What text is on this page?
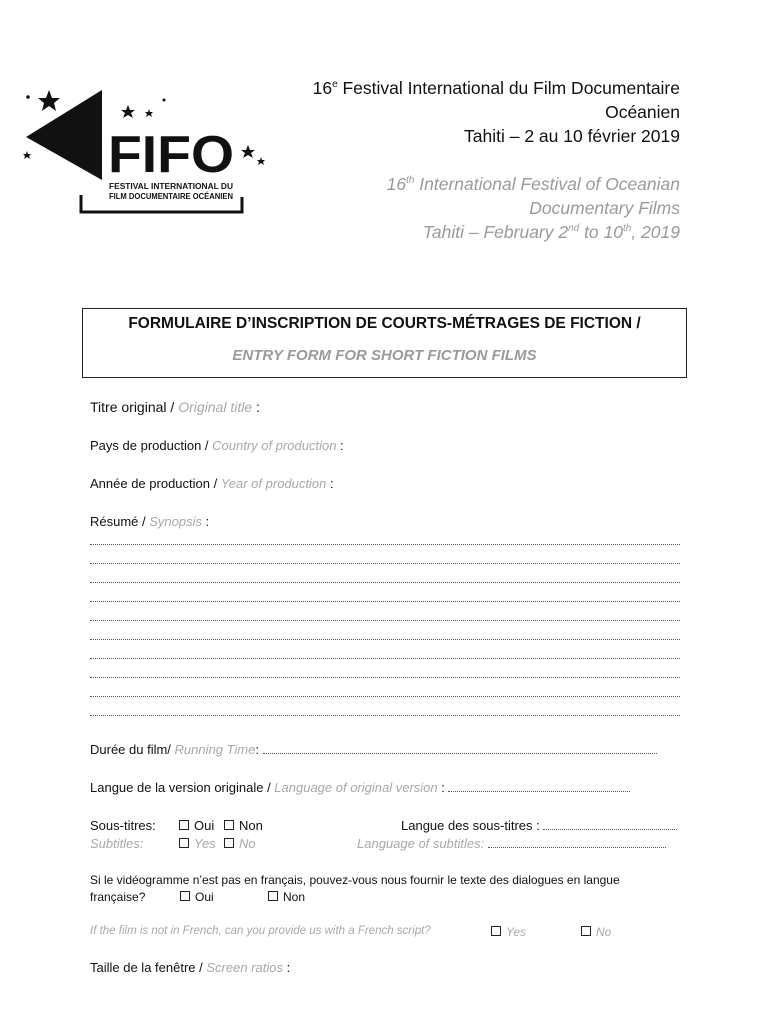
FIFO
FESTIVAL INTERNATIONAL DU
FILM DOCUMENTAIRE OCÉANIEN
16e Festival International du Film Documentaire
Océanien
Tahiti – 2 au 10 février 2019
16th International Festival of Oceanian
Documentary Films
Tahiti – February 2nd to 10th, 2019
FORMULAIRE D’INSCRIPTION DE COURTS-MÉTRAGES DE FICTION /
ENTRY FORM FOR SHORT FICTION FILMS
Titre original / Original title :
Pays de production / Country of production :
Année de production / Year of production :
Résumé / Synopsis :
Durée du film/ Running Time:
Langue de la version originale / Language of original version :
Sous-titres:	Oui	Non	Langue des sous-titres :
Subtitles:	Yes	No	Language of subtitles:
Si le vidéogramme n’est pas en français, pouvez-vous nous fournir le texte des dialogues en langue
française?	Oui	Non
If the film is not in French, can you provide us with a French script?	Yes	No
Taille de la fenêtre / Screen ratios :
